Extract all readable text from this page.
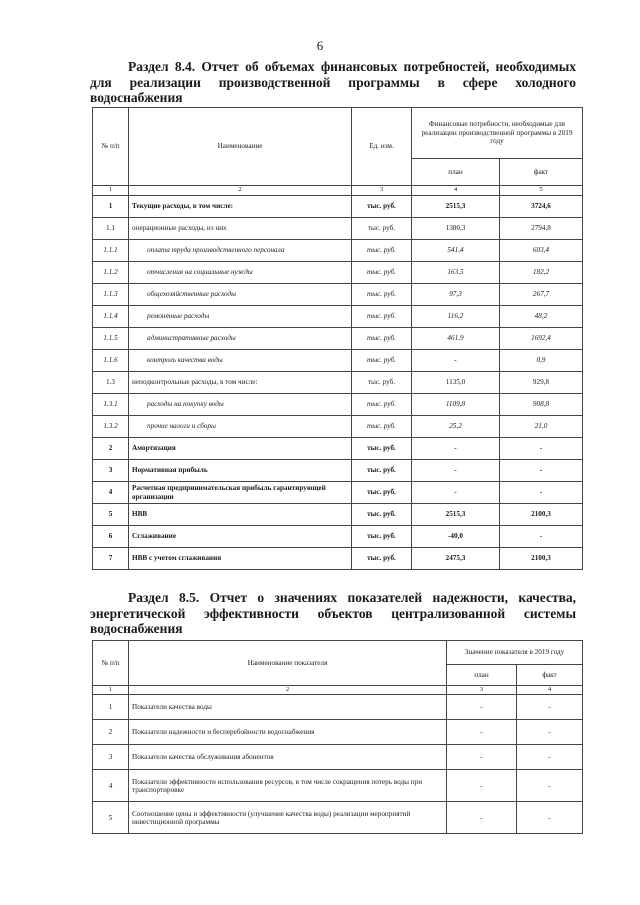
6
Раздел 8.4. Отчет об объемах финансовых потребностей, необходимых для реализации производственной программы в сфере холодного водоснабжения
№ п/п	Наименование	Ед. изм.	Финансовые потребности, необходимые для реализации производственной программы в 2019 году	
			план	факт
1	2	3	4	5
1	Текущие расходы, в том числе:	тыс. руб.	2515,3	3724,6
1.1	операционные расходы, из них	тыс. руб.	1380,3	2794,8
1.1.1	оплата труда производственного персонала	тыс. руб.	541,4	603,4
1.1.2	отчисления на социальные нужды	тыс. руб.	163,5	182,2
1.1.3	общехозяйственные расходы	тыс. руб.	97,3	267,7
1.1.4	ремонтные расходы	тыс. руб.	116,2	48,2
1.1.5	административные расходы	тыс. руб.	461,9	1692,4
1.1.6	контроль качества воды	тыс. руб.	-	0,9
1.3	неподконтрольные расходы, в том числе:	тыс. руб.	1135,0	929,8
1.3.1	расходы на покупку воды	тыс. руб.	1109,8	908,8
1.3.2	прочие налоги и сборы	тыс. руб.	25,2	21,0
2	Амортизация	тыс. руб.	-	-
3	Нормативная прибыль	тыс. руб.	-	-
4	Расчетная предпринимательская прибыль гарантирующей организации	тыс. руб.	-	-
5	НВВ	тыс. руб.	2515,3	2100,3
6	Сглаживание	тыс. руб.	-40,0	-
7	НВВ с учетом сглаживания	тыс. руб.	2475,3	2100,3
Раздел 8.5. Отчет о значениях показателей надежности, качества, энергетической эффективности объектов централизованной системы водоснабжения
№ п/п	Наименование показателя	Значение показателя в 2019 году	
		план	факт
1	2	3	4
1	Показатели качества воды	-	-
2	Показатели надежности и бесперебойности водоснабжения	-	-
3	Показатели качества обслуживания абонентов	-	-
4	Показатели эффективности использования ресурсов, в том числе сокращения потерь воды при транспортировке	-	-
5	Соотношение цены и эффективности (улучшение качества воды) реализации мероприятий инвестиционной программы	-	-
